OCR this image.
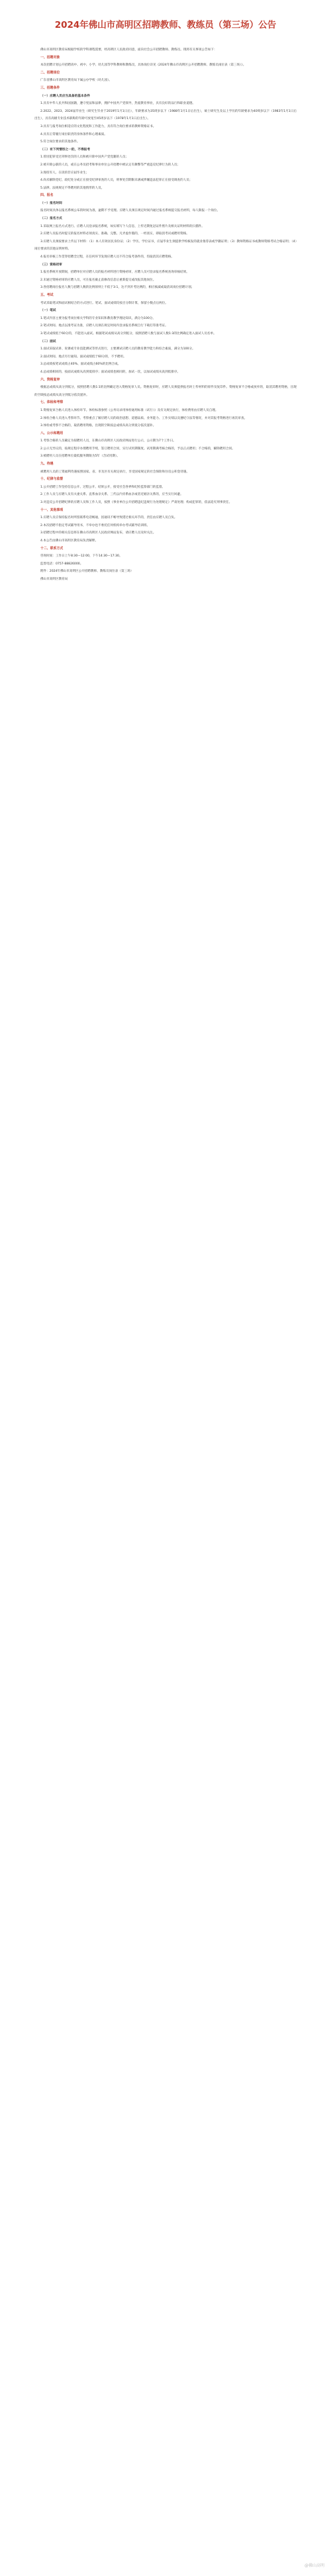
2024年佛山市高明区招聘教师、教练员（第三场）公告

佛山市高明区教育局根据学校的学科课程需要，经高明区人民政府同意，面向社会公开招聘教师、教练员。现将有关事项公告如下：

一、招聘对象

本次招聘计划公开招聘高中、初中、小学、幼儿园等学科教师和教练员，具体岗位详见《2024年佛山市高明区公开招聘教师、教练员岗位表（第三场）》。

二、招聘岗位

广东省佛山市高明区教育局下属公办学校（幼儿园）。

三、招聘条件

（一）应聘人员应当具备的基本条件

1.具有中华人民共和国国籍，遵守宪法和法律，拥护中国共产党领导，热爱教育事业，具有良好的品行和职业道德。

2.2022、2023、2024届毕业生（研究生毕业于2019年1月1日后），年龄要求为35周岁以下（1988年1月1日后出生），硕士研究生及以上学历的年龄要求为40周岁以下（1983年1月1日后出生），具有高级专业技术职称的年龄可放宽至45周岁以下（1978年1月1日后出生）。

3.具有与报考岗位相适应的文化程度和工作能力，具有符合岗位要求的教师资格证书。

4.具有正常履行岗位职责的身体条件和心理素质。

5.符合岗位要求的其他条件。

（二）有下列情形之一的，不得报考

1.曾因犯罪受过刑事处罚的人员和被开除中国共产党党籍的人员；

2.被开除公职的人员，或在公务员招考和事业单位公开招聘中被认定有舞弊等严重违反纪律行为的人员；

3.现役军人、在读的非应届毕业生；

4.尚未解除党纪、政纪处分或正在接受纪律审查的人员，刑事处罚期限未满或涉嫌违法犯罪正在接受调查的人员；

5.法律、法规规定不得聘用的其他情形的人员。

四、报名

（一）报名时间

报名时间具体以报名系统公布的时间为准，逾期不予受理。应聘人员须在规定时间内通过报名系统提交报名材料，每人限报一个岗位。

（二）报名方式

1.采取网上报名方式进行。应聘人员登录报名系统，如实填写个人信息，上传近期免冠证件照片及相关证明材料的扫描件。

2.应聘人员报名时提交的报名材料必须真实、准确、完整。凡弄虚作假的，一经查实，即取消考试或聘用资格。

3.应聘人员须按要求上传以下材料：（1）本人有效居民身份证；（2）学历、学位证书，应届毕业生须提供学校核发的就业推荐表或学籍证明；（3）教师资格证书或教师资格考试合格证明；（4）岗位要求的其他证明材料。

4.报名审核工作贯穿招聘全过程，在任何环节发现应聘人员不符合报考条件的，均取消其应聘资格。

（三）资格初审

1.报名系统开放期间，招聘单位对应聘人员的报名材料进行资格初审，应聘人员可登录报名系统查询审核结果。

2.未通过资格初审的应聘人员，可在报名截止前修改信息后重新提交或改报其他岗位。

3.各招聘岗位报名人数与招聘人数的比例原则上不低于3:1，达不到开考比例的，相应核减或取消该岗位招聘计划。

五、考试

考试采取笔试和面试相结合的方式进行。笔试、面试成绩均按百分制计算，保留小数点后两位。

（一）笔试

1.笔试内容主要为报考岗位相关学科的专业知识和教育教学理论知识，满分为100分。

2.笔试时间、地点以准考证为准，应聘人员须在规定时间内登录报名系统自行下载打印准考证。

3.笔试成绩低于60分的，不能进入面试。根据笔试成绩从高分到低分，按照招聘人数与面试人数1:3的比例确定进入面试人员名单。

（二）面试

1.面试采取试讲、说课或专业技能测试等形式进行，主要测试应聘人员的教育教学能力和综合素质，满分为100分。

2.面试时间、地点另行通知。面试成绩低于60分的，不予聘用。

3.总成绩按笔试成绩占40%、面试成绩占60%的比例合成。

4.总成绩相同的，按面试成绩从高到低排序；面试成绩也相同的，加试一次，以加试成绩从高到低排序。

六、资格复审

根据总成绩从高分到低分，按照招聘人数1:1的比例确定进入资格复审人员。资格复审时，应聘人员须提供报名时上传材料的原件及复印件。资格复审不合格或放弃的，取消其聘用资格，出现的空缺按总成绩从高分到低分依次递补。

七、体检和考察

1.资格复审合格人员进入体检环节。体检标准参照《公务员录用体检通用标准（试行）》及有关规定执行，体检费用由应聘人员自理。

2.体检合格人员进入考察环节。考察重点了解应聘人员的政治思想、道德品质、业务能力、工作实绩以及遵纪守法等情况，并对其报考资格进行再次审查。

3.体检或考察不合格的，取消聘用资格，出现的空缺按总成绩从高分到低分依次递补。

八、公示和聘用

1.考察合格的人员确定为拟聘用人员，在佛山市高明区人民政府网站进行公示，公示期为7个工作日。

2.公示无异议的，按规定程序办理聘用手续，签订聘用合同，实行试用期制度。试用期满考核合格的，予以正式聘用；不合格的，解除聘用合同。

3.被聘用人员在招聘单位最低服务期限为5年（含试用期）。

九、待遇

被聘用人员的工资福利待遇按照国家、省、市及区有关规定执行，享受国家规定的社会保险和住房公积金待遇。

十、纪律与监督

1.公开招聘工作坚持信息公开、过程公开、结果公开，接受社会各界和纪检监察部门的监督。

2.工作人员与应聘人员有夫妻关系、直系血亲关系、三代以内旁系血亲或者近姻亲关系的，应当实行回避。

3.对违反公开招聘纪律的应聘人员和工作人员，按照《事业单位公开招聘违纪违规行为处理规定》严肃处理；构成犯罪的，依法追究刑事责任。

十一、其他事项

1.应聘人员应保持报名时所留联系电话畅通，因通讯不畅导致错过相关环节的，责任由应聘人员自负。

2.本次招聘不指定考试辅导用书，不举办也不委托任何机构举办考试辅导培训班。

3.招聘过程中的相关信息将在佛山市高明区人民政府网站发布，请应聘人员及时关注。

4.本公告由佛山市高明区教育局负责解释。

十二、联系方式

咨询时间：工作日上午8:30—12:00，下午14:30—17:30。

监督电话：0757-88826000。

附件：2024年佛山市高明区公开招聘教师、教练员岗位表（第三场）

佛山市高明区教育局

@佛山高明
